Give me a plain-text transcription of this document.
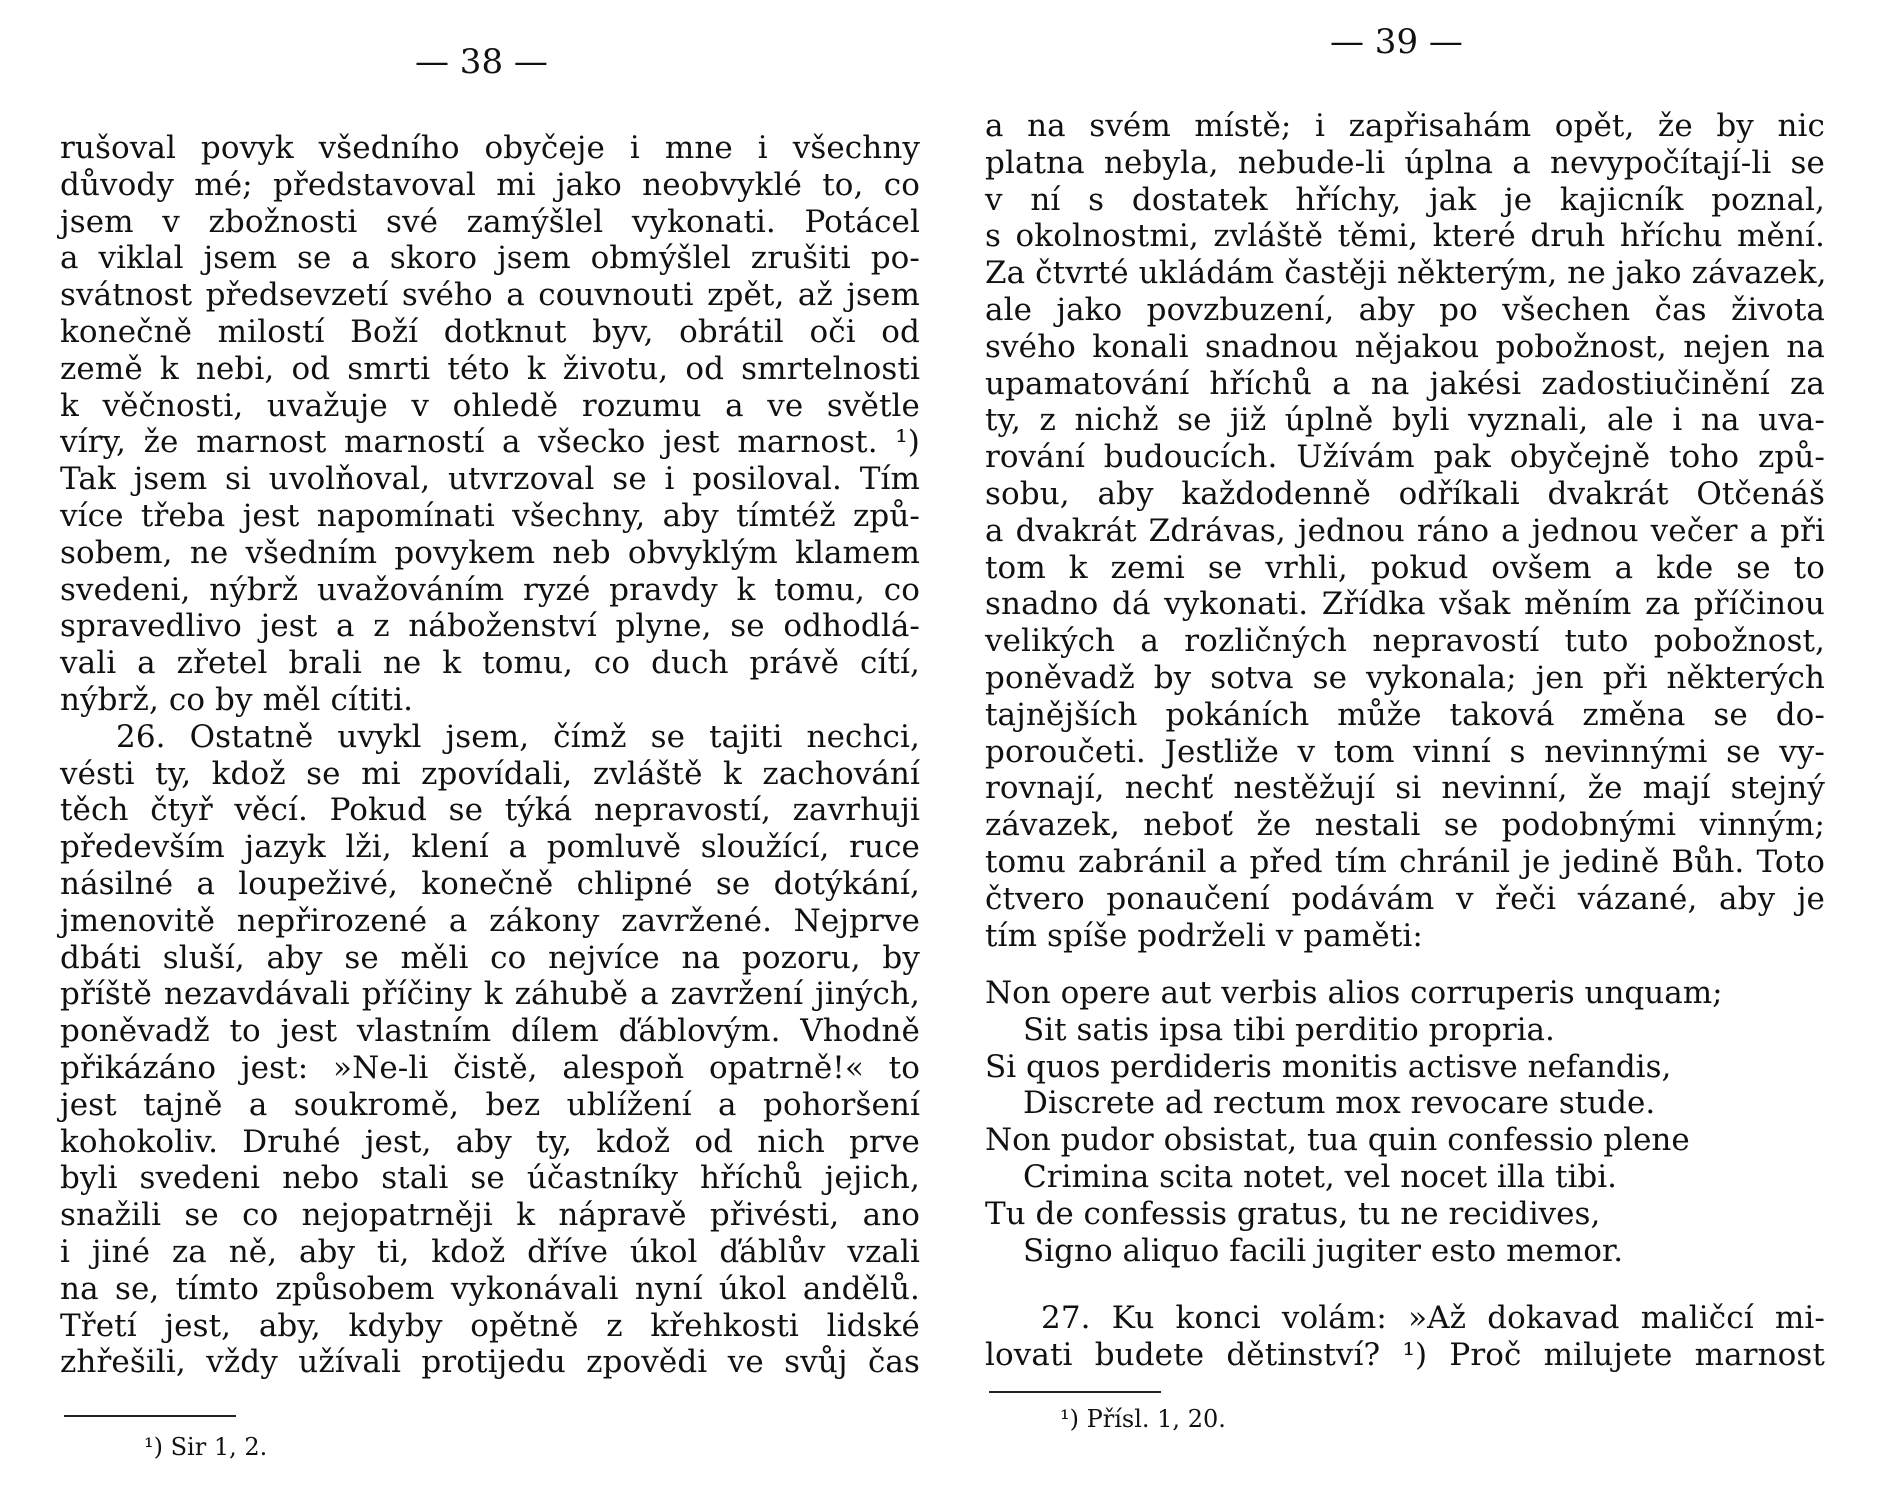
— 38 —
rušoval povyk všedního obyčeje i mne i všechny
důvody mé; představoval mi jako neobvyklé to, co
jsem v zbožnosti své zamýšlel vykonati. Potácel
a viklal jsem se a skoro jsem obmýšlel zrušiti po-
svátnost předsevzetí svého a couvnouti zpět, až jsem
konečně milostí Boží dotknut byv, obrátil oči od
země k nebi, od smrti této k životu, od smrtelnosti
k věčnosti, uvažuje v ohledě rozumu a ve světle
víry, že marnost marností a všecko jest marnost. ¹)
Tak jsem si uvolňoval, utvrzoval se i posiloval. Tím
více třeba jest napomínati všechny, aby tímtéž způ-
sobem, ne všedním povykem neb obvyklým klamem
svedeni, nýbrž uvažováním ryzé pravdy k tomu, co
spravedlivo jest a z náboženství plyne, se odhodlá-
vali a zřetel brali ne k tomu, co duch právě cítí,
nýbrž, co by měl cítiti.
26. Ostatně uvykl jsem, čímž se tajiti nechci,
vésti ty, kdož se mi zpovídali, zvláště k zachování
těch čtyř věcí. Pokud se týká nepravostí, zavrhuji
především jazyk lži, klení a pomluvě sloužící, ruce
násilné a loupeživé, konečně chlipné se dotýkání,
jmenovitě nepřirozené a zákony zavržené. Nejprve
dbáti sluší, aby se měli co nejvíce na pozoru, by
příště nezavdávali příčiny k záhubě a zavržení jiných,
poněvadž to jest vlastním dílem ďáblovým. Vhodně
přikázáno jest: »Ne-li čistě, alespoň opatrně!« to
jest tajně a soukromě, bez ublížení a pohoršení
kohokoliv. Druhé jest, aby ty, kdož od nich prve
byli svedeni nebo stali se účastníky hříchů jejich,
snažili se co nejopatrněji k nápravě přivésti, ano
i jiné za ně, aby ti, kdož dříve úkol ďáblův vzali
na se, tímto způsobem vykonávali nyní úkol andělů.
Třetí jest, aby, kdyby opětně z křehkosti lidské
zhřešili, vždy užívali protijedu zpovědi ve svůj čas
¹) Sir 1, 2.
— 39 —
a na svém místě; i zapřisahám opět, že by nic
platna nebyla, nebude-li úplna a nevypočítají-li se
v ní s dostatek hříchy, jak je kajicník poznal,
s okolnostmi, zvláště těmi, které druh hříchu mění.
Za čtvrté ukládám častěji některým, ne jako závazek,
ale jako povzbuzení, aby po všechen čas života
svého konali snadnou nějakou pobožnost, nejen na
upamatování hříchů a na jakési zadostiučinění za
ty, z nichž se již úplně byli vyznali, ale i na uva-
rování budoucích. Užívám pak obyčejně toho způ-
sobu, aby každodenně odříkali dvakrát Otčenáš
a dvakrát Zdrávas, jednou ráno a jednou večer a při
tom k zemi se vrhli, pokud ovšem a kde se to
snadno dá vykonati. Zřídka však měním za příčinou
velikých a rozličných nepravostí tuto pobožnost,
poněvadž by sotva se vykonala; jen při některých
tajnějších pokáních může taková změna se do-
poroučeti. Jestliže v tom vinní s nevinnými se vy-
rovnají, nechť nestěžují si nevinní, že mají stejný
závazek, neboť že nestali se podobnými vinným;
tomu zabránil a před tím chránil je jedině Bůh. Toto
čtvero ponaučení podávám v řeči vázané, aby je
tím spíše podrželi v paměti:
Non opere aut verbis alios corruperis unquam;
Sit satis ipsa tibi perditio propria.
Si quos perdideris monitis actisve nefandis,
Discrete ad rectum mox revocare stude.
Non pudor obsistat, tua quin confessio plene
Crimina scita notet, vel nocet illa tibi.
Tu de confessis gratus, tu ne recidives,
Signo aliquo facili jugiter esto memor.
27. Ku konci volám: »Až dokavad maličcí mi-
lovati budete dětinství? ¹) Proč milujete marnost
¹) Přísl. 1, 20.
